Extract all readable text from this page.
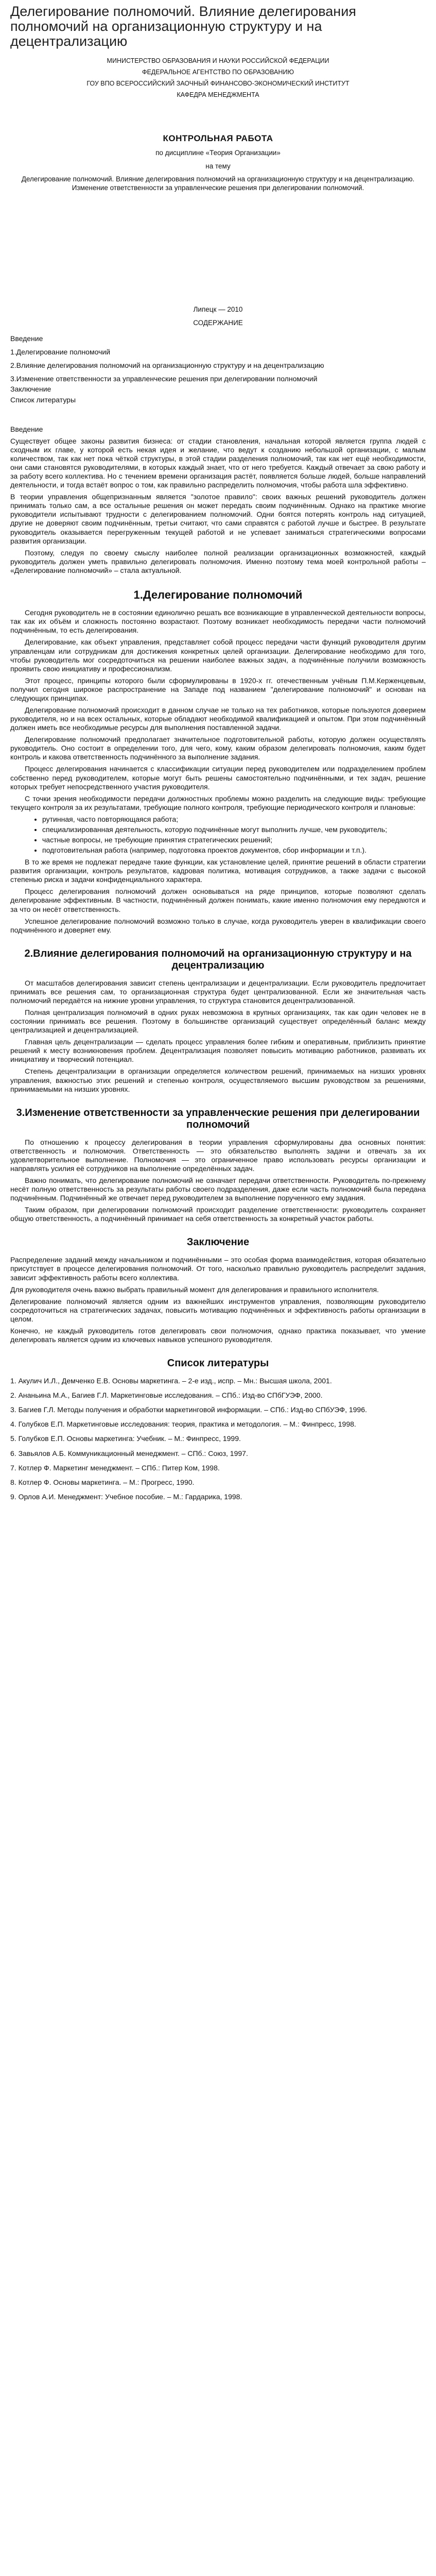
Делегирование полномочий. Влияние делегирования полномочий на организационную структуру и на децентрализацию

МИНИСТЕРСТВО ОБРАЗОВАНИЯ И НАУКИ РОССИЙСКОЙ ФЕДЕРАЦИИ

ФЕДЕРАЛЬНОЕ АГЕНТСТВО ПО ОБРАЗОВАНИЮ

ГОУ ВПО ВСЕРОССИЙСКИЙ ЗАОЧНЫЙ ФИНАНСОВО-ЭКОНОМИЧЕСКИЙ ИНСТИТУТ

КАФЕДРА МЕНЕДЖМЕНТА

КОНТРОЛЬНАЯ РАБОТА

по дисциплине «Теория Организации»

на тему

Делегирование полномочий. Влияние делегирования полномочий на организационную структуру и на децентрализацию. Изменение ответственности за управленческие решения при делегировании полномочий.

Липецк — 2010

СОДЕРЖАНИЕ

Введение

1.Делегирование полномочий

2.Влияние делегирования полномочий на организационную структуру и на децентрализацию

3.Изменение ответственности за управленческие решения при делегировании полномочий

Заключение

Список литературы

Введение

Существует общее законы развития бизнеса: от стадии становления, начальная которой является группа людей с сходным их главе, у которой есть некая идея и желание, что ведут к созданию небольшой организации, с малым количеством, так как нет пока чёткой структуры, в этой стадии разделения полномочий, так как нет ещё необходимости, они сами становятся руководителями, в которых каждый знает, что от него требуется. Каждый отвечает за свою работу и за работу всего коллектива. Но с течением времени организация растёт, появляется больше людей, больше направлений деятельности, и тогда встаёт вопрос о том, как правильно распределить полномочия, чтобы работа шла эффективно.

В теории управления общепризнанным является "золотое правило": своих важных решений руководитель должен принимать только сам, а все остальные решения он может передать своим подчинённым. Однако на практике многие руководители испытывают трудности с делегированием полномочий. Одни боятся потерять контроль над ситуацией, другие не доверяют своим подчинённым, третьи считают, что сами справятся с работой лучше и быстрее. В результате руководитель оказывается перегруженным текущей работой и не успевает заниматься стратегическими вопросами развития организации.

Поэтому, следуя по своему смыслу наиболее полной реализации организационных возможностей, каждый руководитель должен уметь правильно делегировать полномочия. Именно поэтому тема моей контрольной работы – «Делегирование полномочий» – стала актуальной.

1.Делегирование полномочий

Сегодня руководитель не в состоянии единолично решать все возникающие в управленческой деятельности вопросы, так как их объём и сложность постоянно возрастают. Поэтому возникает необходимость передачи части полномочий подчинённым, то есть делегирования.

Делегирование, как объект управления, представляет собой процесс передачи части функций руководителя другим управленцам или сотрудникам для достижения конкретных целей организации. Делегирование необходимо для того, чтобы руководитель мог сосредоточиться на решении наиболее важных задач, а подчинённые получили возможность проявить свою инициативу и профессионализм.

Этот процесс, принципы которого были сформулированы в 1920-х гг. отечественным учёным П.М.Керженцевым, получил сегодня широкое распространение на Западе под названием "делегирование полномочий" и основан на следующих принципах.

Делегирование полномочий происходит в данном случае не только на тех работников, которые пользуются доверием руководителя, но и на всех остальных, которые обладают необходимой квалификацией и опытом. При этом подчинённый должен иметь все необходимые ресурсы для выполнения поставленной задачи.

Делегирование полномочий предполагает значительное подготовительной работы, которую должен осуществлять руководитель. Оно состоит в определении того, для чего, кому, каким образом делегировать полномочия, каким будет контроль и какова ответственность подчинённого за выполнение задания.

Процесс делегирования начинается с классификации ситуации перед руководителем или подразделением проблем собственно перед руководителем, которые могут быть решены самостоятельно подчинёнными, и тех задач, решение которых требует непосредственного участия руководителя.

С точки зрения необходимости передачи должностных проблемы можно разделить на следующие виды: требующие текущего контроля за их результатами, требующие полного контроля, требующие периодического контроля и плановые:

• рутинная, часто повторяющаяся работа;
• специализированная деятельность, которую подчинённые могут выполнить лучше, чем руководитель;
• частные вопросы, не требующие принятия стратегических решений;
• подготовительная работа (например, подготовка проектов документов, сбор информации и т.п.).

В то же время не подлежат передаче такие функции, как установление целей, принятие решений в области стратегии развития организации, контроль результатов, кадровая политика, мотивация сотрудников, а также задачи с высокой степенью риска и задачи конфиденциального характера.

Процесс делегирования полномочий должен основываться на ряде принципов, которые позволяют сделать делегирование эффективным. В частности, подчинённый должен понимать, какие именно полномочия ему передаются и за что он несёт ответственность.

Успешное делегирование полномочий возможно только в случае, когда руководитель уверен в квалификации своего подчинённого и доверяет ему.

2.Влияние делегирования полномочий на организационную структуру и на децентрализацию

От масштабов делегирования зависит степень централизации и децентрализации. Если руководитель предпочитает принимать все решения сам, то организационная структура будет централизованной. Если же значительная часть полномочий передаётся на нижние уровни управления, то структура становится децентрализованной.

Полная централизация полномочий в одних руках невозможна в крупных организациях, так как один человек не в состоянии принимать все решения. Поэтому в большинстве организаций существует определённый баланс между централизацией и децентрализацией.

Главная цель децентрализации — сделать процесс управления более гибким и оперативным, приблизить принятие решений к месту возникновения проблем. Децентрализация позволяет повысить мотивацию работников, развивать их инициативу и творческий потенциал.

Степень децентрализации в организации определяется количеством решений, принимаемых на низших уровнях управления, важностью этих решений и степенью контроля, осуществляемого высшим руководством за решениями, принимаемыми на низших уровнях.

3.Изменение ответственности за управленческие решения при делегировании полномочий

По отношению к процессу делегирования в теории управления сформулированы два основных понятия: ответственность и полномочия. Ответственность — это обязательство выполнять задачи и отвечать за их удовлетворительное выполнение. Полномочия — это ограниченное право использовать ресурсы организации и направлять усилия её сотрудников на выполнение определённых задач.

Важно понимать, что делегирование полномочий не означает передачи ответственности. Руководитель по-прежнему несёт полную ответственность за результаты работы своего подразделения, даже если часть полномочий была передана подчинённым. Подчинённый же отвечает перед руководителем за выполнение порученного ему задания.

Таким образом, при делегировании полномочий происходит разделение ответственности: руководитель сохраняет общую ответственность, а подчинённый принимает на себя ответственность за конкретный участок работы.

Заключение

Распределение заданий между начальником и подчинёнными – это особая форма взаимодействия, которая обязательно присутствует в процессе делегирования полномочий. От того, насколько правильно руководитель распределит задания, зависит эффективность работы всего коллектива.

Для руководителя очень важно выбрать правильный момент для делегирования и правильного исполнителя.

Делегирование полномочий является одним из важнейших инструментов управления, позволяющим руководителю сосредоточиться на стратегических задачах, повысить мотивацию подчинённых и эффективность работы организации в целом.

Конечно, не каждый руководитель готов делегировать свои полномочия, однако практика показывает, что умение делегировать является одним из ключевых навыков успешного руководителя.

Список литературы

1. Акулич И.Л., Демченко Е.В. Основы маркетинга. – 2-е изд., испр. – Мн.: Высшая школа, 2001.

2. Ананьина М.А., Багиев Г.Л. Маркетинговые исследования. – СПб.: Изд-во СПбГУЭФ, 2000.

3. Багиев Г.Л. Методы получения и обработки маркетинговой информации. – СПб.: Изд-во СПбУЭФ, 1996.

4. Голубков Е.П. Маркетинговые исследования: теория, практика и методология. – М.: Финпресс, 1998.

5. Голубков Е.П. Основы маркетинга: Учебник. – М.: Финпресс, 1999.

6. Завьялов А.Б. Коммуникационный менеджмент. – СПб.: Союз, 1997.

7. Котлер Ф. Маркетинг менеджмент. – СПб.: Питер Ком, 1998.

8. Котлер Ф. Основы маркетинга. – М.: Прогресс, 1990.

9. Орлов А.И. Менеджмент: Учебное пособие. – М.: Гардарика, 1998.
